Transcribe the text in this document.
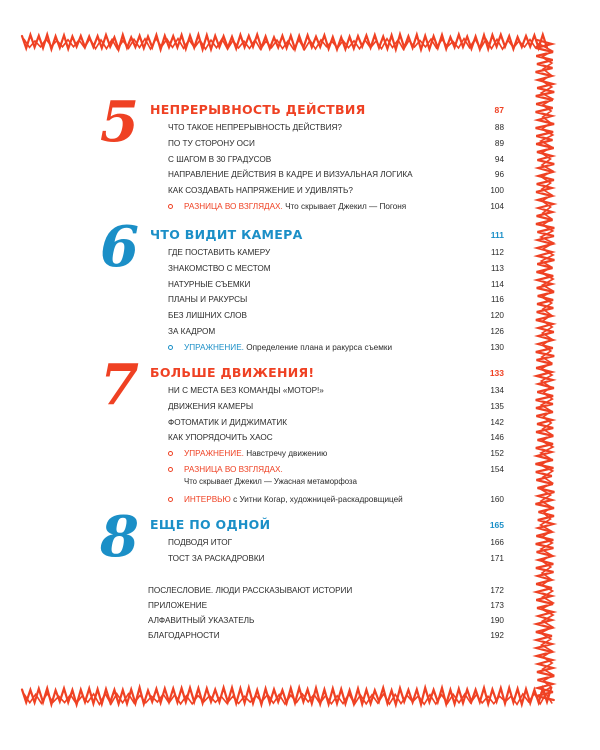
5 НЕПРЕРЫВНОСТЬ ДЕЙСТВИЯ	87
ЧТО ТАКОЕ НЕПРЕРЫВНОСТЬ ДЕЙСТВИЯ?	88
ПО ТУ СТОРОНУ ОСИ	89
С ШАГОМ В 30 ГРАДУСОВ	94
НАПРАВЛЕНИЕ ДЕЙСТВИЯ В КАДРЕ И ВИЗУАЛЬНАЯ ЛОГИКА	96
КАК СОЗДАВАТЬ НАПРЯЖЕНИЕ И УДИВЛЯТЬ?	100
РАЗНИЦА ВО ВЗГЛЯДАХ. Что скрывает Джекил — Погоня	104
6 ЧТО ВИДИТ КАМЕРА	111
ГДЕ ПОСТАВИТЬ КАМЕРУ	112
ЗНАКОМСТВО С МЕСТОМ	113
НАТУРНЫЕ СЪЕМКИ	114
ПЛАНЫ И РАКУРСЫ	116
БЕЗ ЛИШНИХ СЛОВ	120
ЗА КАДРОМ	126
УПРАЖНЕНИЕ. Определение плана и ракурса съемки	130
7 БОЛЬШЕ ДВИЖЕНИЯ!	133
НИ С МЕСТА БЕЗ КОМАНДЫ «МОТОР!»	134
ДВИЖЕНИЯ КАМЕРЫ	135
ФОТОМАТИК И ДИДЖИМАТИК	142
КАК УПОРЯДОЧИТЬ ХАОС	146
УПРАЖНЕНИЕ. Навстречу движению	152
РАЗНИЦА ВО ВЗГЛЯДАХ.	154
Что скрывает Джекил — Ужасная метаморфоза
ИНТЕРВЬЮ с Уитни Когар, художницей-раскадровщицей	160
8 ЕЩЕ ПО ОДНОЙ	165
ПОДВОДЯ ИТОГ	166
ТОСТ ЗА РАСКАДРОВКИ	171
ПОСЛЕСЛОВИЕ. ЛЮДИ РАССКАЗЫВАЮТ ИСТОРИИ	172
ПРИЛОЖЕНИЕ	173
АЛФАВИТНЫЙ УКАЗАТЕЛЬ	190
БЛАГОДАРНОСТИ	192
